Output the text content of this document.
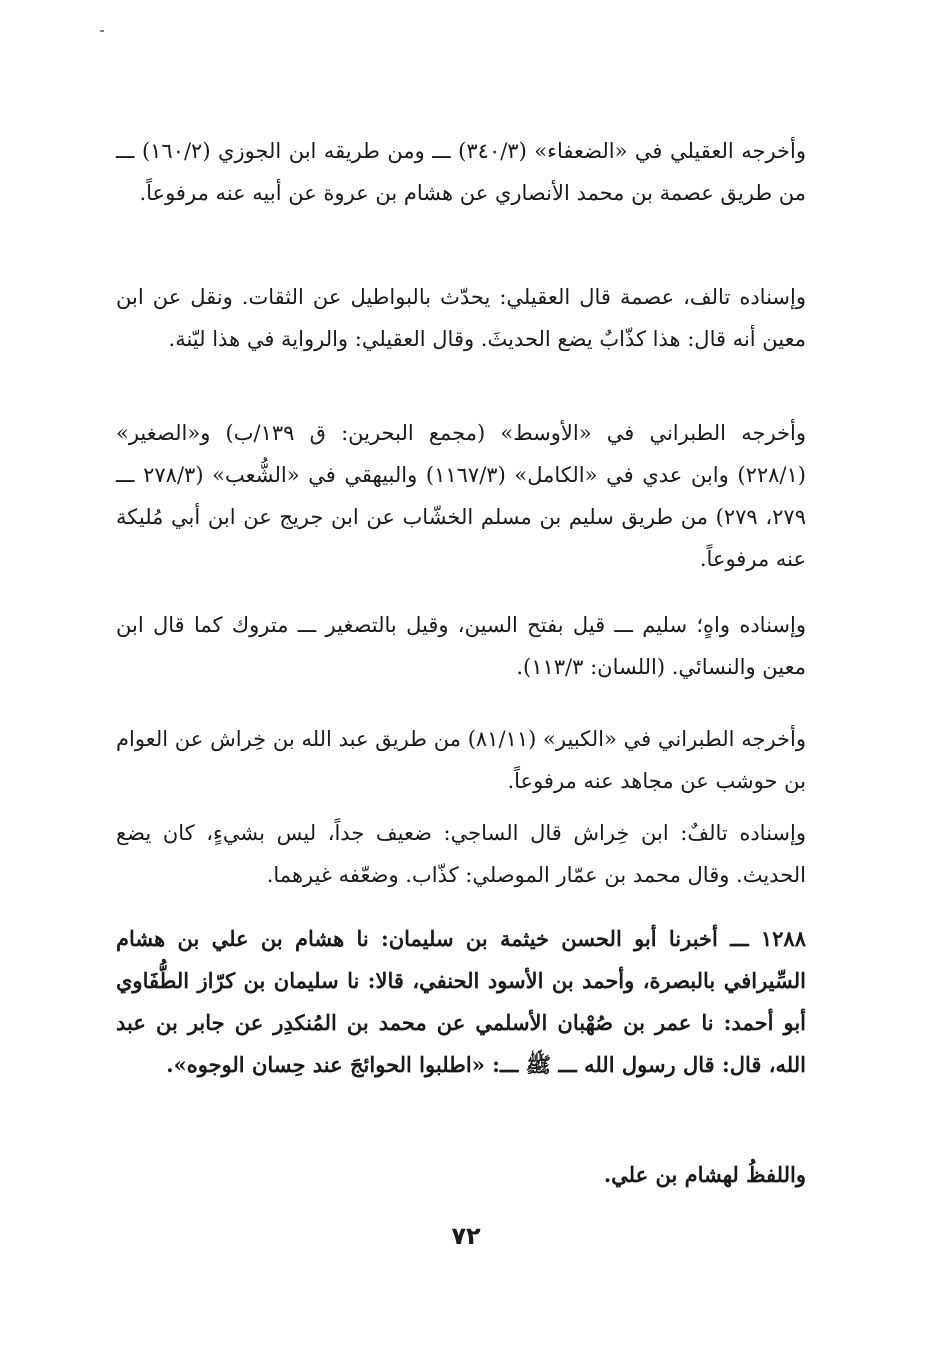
وأخرجه العقيلي في «الضعفاء» (٣٤٠/٣) ـــ ومن طريقه ابن الجوزي (١٦٠/٢) ـــ من طريق عصمة بن محمد الأنصاري عن هشام بن عروة عن أبيه عنه مرفوعاً.

وإسناده تالف، عصمة قال العقيلي: يحدّث بالبواطيل عن الثقات. ونقل عن ابن معين أنه قال: هذا كذّابٌ يضع الحديثَ. وقال العقيلي: والرواية في هذا ليّنة.

وأخرجه الطبراني في «الأوسط» (مجمع البحرين: ق ١٣٩/ب) و«الصغير» (٢٢٨/١) وابن عدي في «الكامل» (١١٦٧/٣) والبيهقي في «الشُّعب» (٢٧٨/٣ ـــ ٢٧٩، ٢٧٩) من طريق سليم بن مسلم الخشّاب عن ابن جريج عن ابن أبي مُليكة عنه مرفوعاً.

وإسناده واهٍ؛ سليم ـــ قيل بفتح السين، وقيل بالتصغير ـــ متروك كما قال ابن معين والنسائي. (اللسان: ١١٣/٣).

وأخرجه الطبراني في «الكبير» (٨١/١١) من طريق عبد الله بن خِراش عن العوام بن حوشب عن مجاهد عنه مرفوعاً.

وإسناده تالفٌ: ابن خِراش قال الساجي: ضعيف جداً، ليس بشيءٍ، كان يضع الحديث. وقال محمد بن عمّار الموصلي: كذّاب. وضعّفه غيرهما.

١٢٨٨ ـــ أخبرنا أبو الحسن خيثمة بن سليمان: نا هشام بن علي بن هشام السِّيرافي بالبصرة، وأحمد بن الأسود الحنفي، قالا: نا سليمان بن كرّاز الطُّفَاوي أبو أحمد: نا عمر بن صُهْبان الأسلمي عن محمد بن المُنكدِر عن جابر بن عبد الله، قال: قال رسول الله ـــ ﷺ ـــ: «اطلبوا الحوائجَ عند حِسان الوجوه».

واللفظُ لهشام بن علي.

٧٢
